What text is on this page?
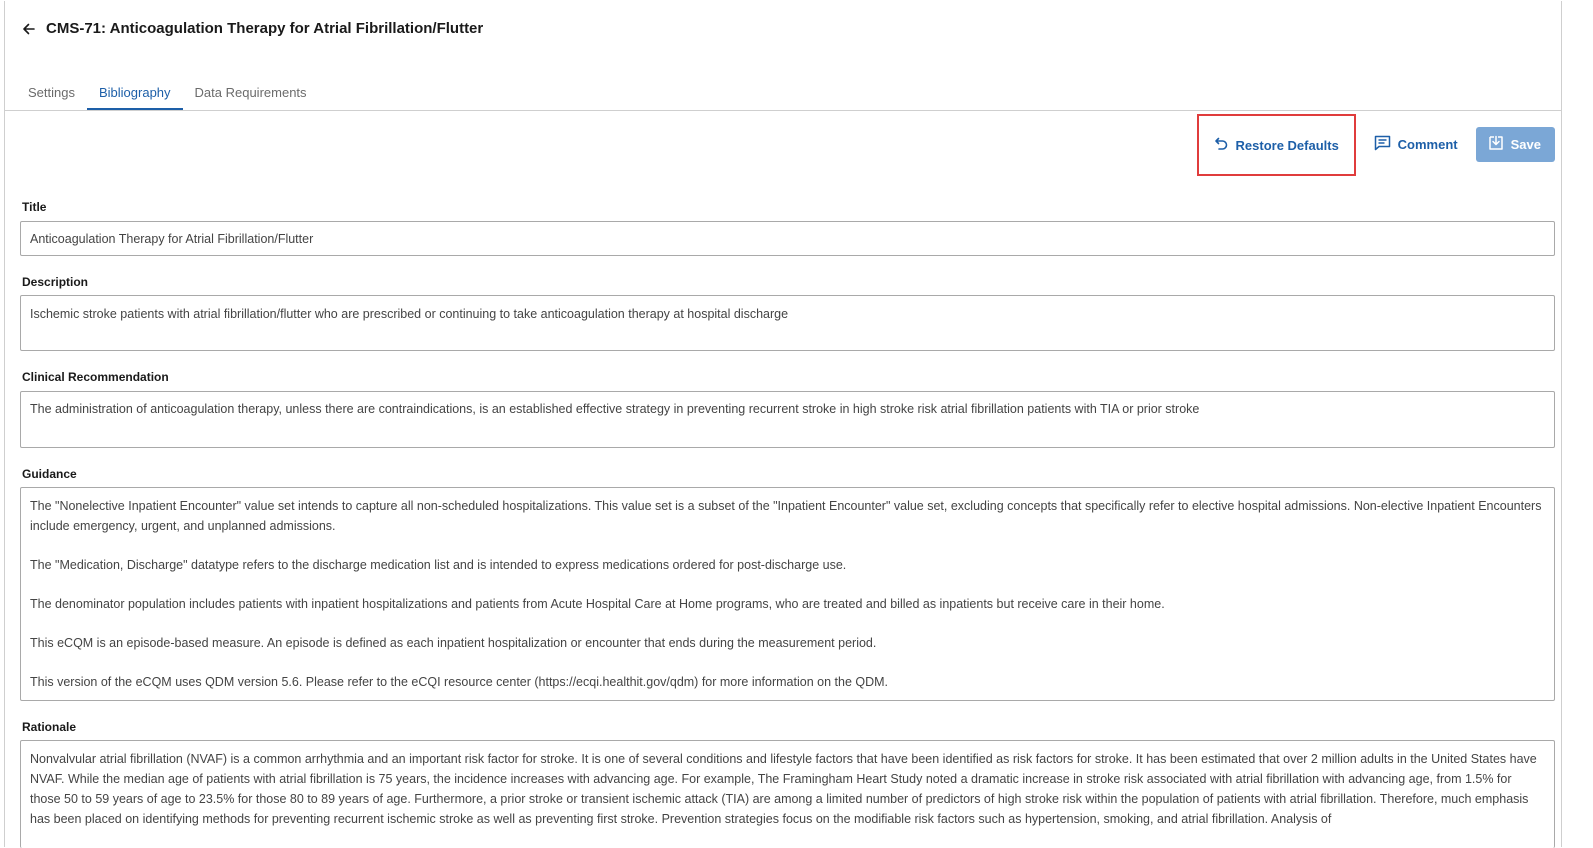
CMS-71: Anticoagulation Therapy for Atrial Fibrillation/Flutter
Settings	Bibliography	Data Requirements
Restore Defaults	Comment	Save
Title

Anticoagulation Therapy for Atrial Fibrillation/Flutter

Description

Ischemic stroke patients with atrial fibrillation/flutter who are prescribed or continuing to take anticoagulation therapy at hospital discharge

Clinical Recommendation

The administration of anticoagulation therapy, unless there are contraindications, is an established effective strategy in preventing recurrent stroke in high stroke risk atrial fibrillation patients with TIA or prior stroke

Guidance

The "Nonelective Inpatient Encounter" value set intends to capture all non-scheduled hospitalizations. This value set is a subset of the "Inpatient Encounter" value set, excluding concepts that specifically refer to elective hospital admissions. Non-elective Inpatient Encounters include emergency, urgent, and unplanned admissions.

The "Medication, Discharge" datatype refers to the discharge medication list and is intended to express medications ordered for post-discharge use.

The denominator population includes patients with inpatient hospitalizations and patients from Acute Hospital Care at Home programs, who are treated and billed as inpatients but receive care in their home.

This eCQM is an episode-based measure. An episode is defined as each inpatient hospitalization or encounter that ends during the measurement period.

This version of the eCQM uses QDM version 5.6. Please refer to the eCQI resource center (https://ecqi.healthit.gov/qdm) for more information on the QDM.

Rationale

Nonvalvular atrial fibrillation (NVAF) is a common arrhythmia and an important risk factor for stroke. It is one of several conditions and lifestyle factors that have been identified as risk factors for stroke. It has been estimated that over 2 million adults in the United States have NVAF. While the median age of patients with atrial fibrillation is 75 years, the incidence increases with advancing age. For example, The Framingham Heart Study noted a dramatic increase in stroke risk associated with atrial fibrillation with advancing age, from 1.5% for those 50 to 59 years of age to 23.5% for those 80 to 89 years of age. Furthermore, a prior stroke or transient ischemic attack (TIA) are among a limited number of predictors of high stroke risk within the population of patients with atrial fibrillation. Therefore, much emphasis has been placed on identifying methods for preventing recurrent ischemic stroke as well as preventing first stroke. Prevention strategies focus on the modifiable risk factors such as hypertension, smoking, and atrial fibrillation. Analysis of
